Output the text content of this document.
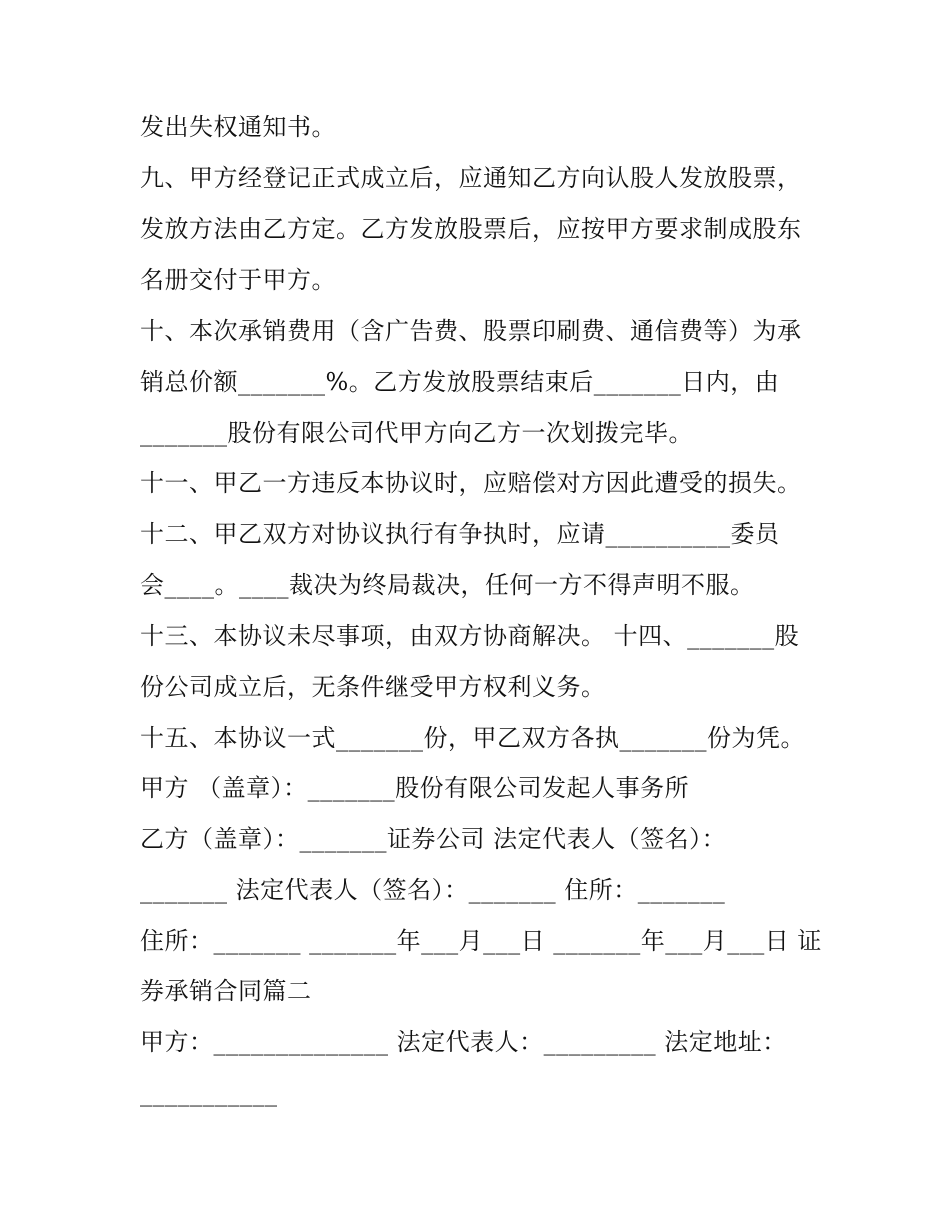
发出失权通知书。
九、甲方经登记正式成立后，应通知乙方向认股人发放股票，
发放方法由乙方定。乙方发放股票后，应按甲方要求制成股东
名册交付于甲方。
十、本次承销费用（含广告费、股票印刷费、通信费等）为承
销总价额_______%。乙方发放股票结束后_______日内，由
_______股份有限公司代甲方向乙方一次划拨完毕。
十一、甲乙一方违反本协议时，应赔偿对方因此遭受的损失。
十二、甲乙双方对协议执行有争执时，应请__________委员
会____。____裁决为终局裁决，任何一方不得声明不服。
十三、本协议未尽事项，由双方协商解决。 十四、_______股
份公司成立后，无条件继受甲方权利义务。
十五、本协议一式_______份，甲乙双方各执_______份为凭。
甲方 （盖章）：_______股份有限公司发起人事务所
乙方（盖章）：_______证券公司 法定代表人（签名）：
_______ 法定代表人（签名）：_______ 住所：_______
住所：_______ _______年___月___日 _______年___月___日 证
券承销合同篇二
甲方：______________ 法定代表人：_________ 法定地址：
___________
